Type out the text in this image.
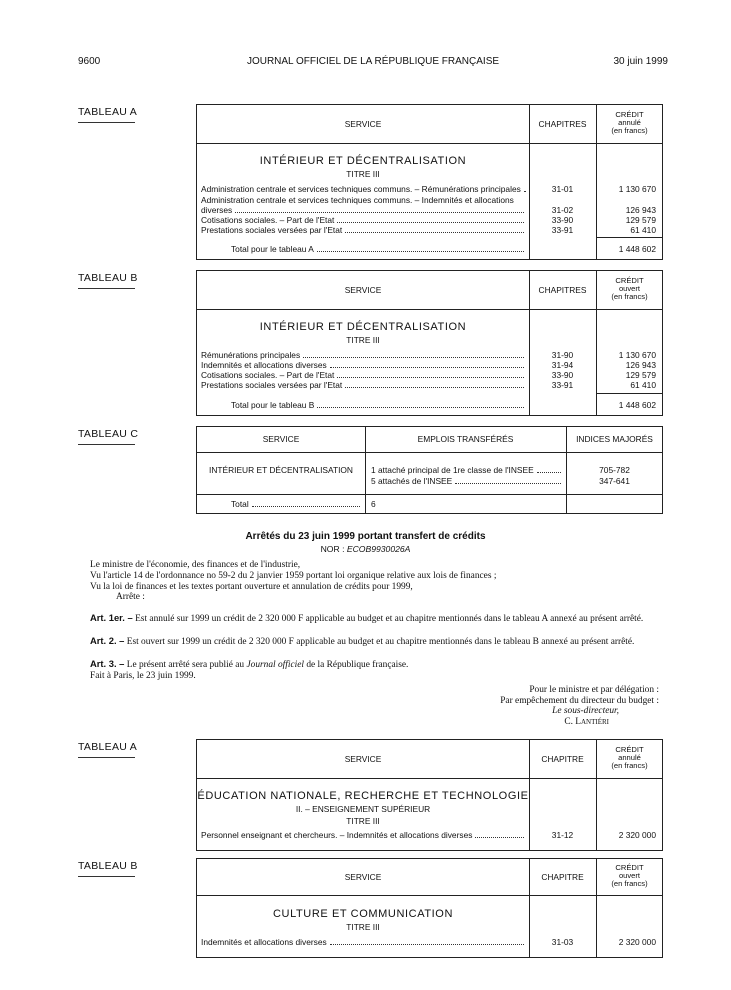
9600	JOURNAL OFFICIEL DE LA RÉPUBLIQUE FRANÇAISE	30 juin 1999
TABLEAU A
SERVICE	CHAPITRES
CRÉDIT
annulé
(en francs)
INTÉRIEUR ET DÉCENTRALISATION
TITRE III
Administration centrale et services techniques communs. – Rémunérations principales	31-01	1 130 670
Administration centrale et services techniques communs. – Indemnités et allocations
diverses	31-02	126 943
Cotisations sociales. – Part de l'Etat	33-90	129 579
Prestations sociales versées par l'Etat	33-91	61 410
Total pour le tableau A	1 448 602
TABLEAU B
SERVICE	CHAPITRES
CRÉDIT
ouvert
(en francs)
INTÉRIEUR ET DÉCENTRALISATION
TITRE III
Rémunérations principales	31-90	1 130 670
Indemnités et allocations diverses	31-94	126 943
Cotisations sociales. – Part de l'Etat	33-90	129 579
Prestations sociales versées par l'Etat	33-91	61 410
Total pour le tableau B	1 448 602
TABLEAU C	SERVICE	EMPLOIS TRANSFÉRÉS	INDICES MAJORÉS
INTÉRIEUR ET DÉCENTRALISATION	1 attaché principal de 1re classe de l'INSEE	705-782
5 attachés de l'INSEE	347-641
Total	6
Arrêtés du 23 juin 1999 portant transfert de crédits
NOR : ECOB9930026A

Le ministre de l'économie, des finances et de l'industrie,

Vu l'article 14 de l'ordonnance no 59-2 du 2 janvier 1959 portant loi organique relative aux lois de finances ;

Vu la loi de finances et les textes portant ouverture et annulation de crédits pour 1999,

Arrête :

Art. 1er. – Est annulé sur 1999 un crédit de 2 320 000 F applicable au budget et au chapitre mentionnés dans le tableau A annexé au présent arrêté.
Art. 2. – Est ouvert sur 1999 un crédit de 2 320 000 F applicable au budget et au chapitre mentionnés dans le tableau B annexé au présent arrêté.
Art. 3. – Le présent arrêté sera publié au Journal officiel de la République française.
Fait à Paris, le 23 juin 1999.
Pour le ministre et par délégation :
Par empêchement du directeur du budget :
Le sous-directeur,
C. Lantiéri
TABLEAU A
SERVICE	CHAPITRE
CRÉDIT
annulé
(en francs)
ÉDUCATION NATIONALE, RECHERCHE ET TECHNOLOGIE
II. – ENSEIGNEMENT SUPÉRIEUR
TITRE III
Personnel enseignant et chercheurs. – Indemnités et allocations diverses	31-12	2 320 000
TABLEAU B
SERVICE	CHAPITRE
CRÉDIT
ouvert
(en francs)
CULTURE ET COMMUNICATION
TITRE III
Indemnités et allocations diverses	31-03	2 320 000
